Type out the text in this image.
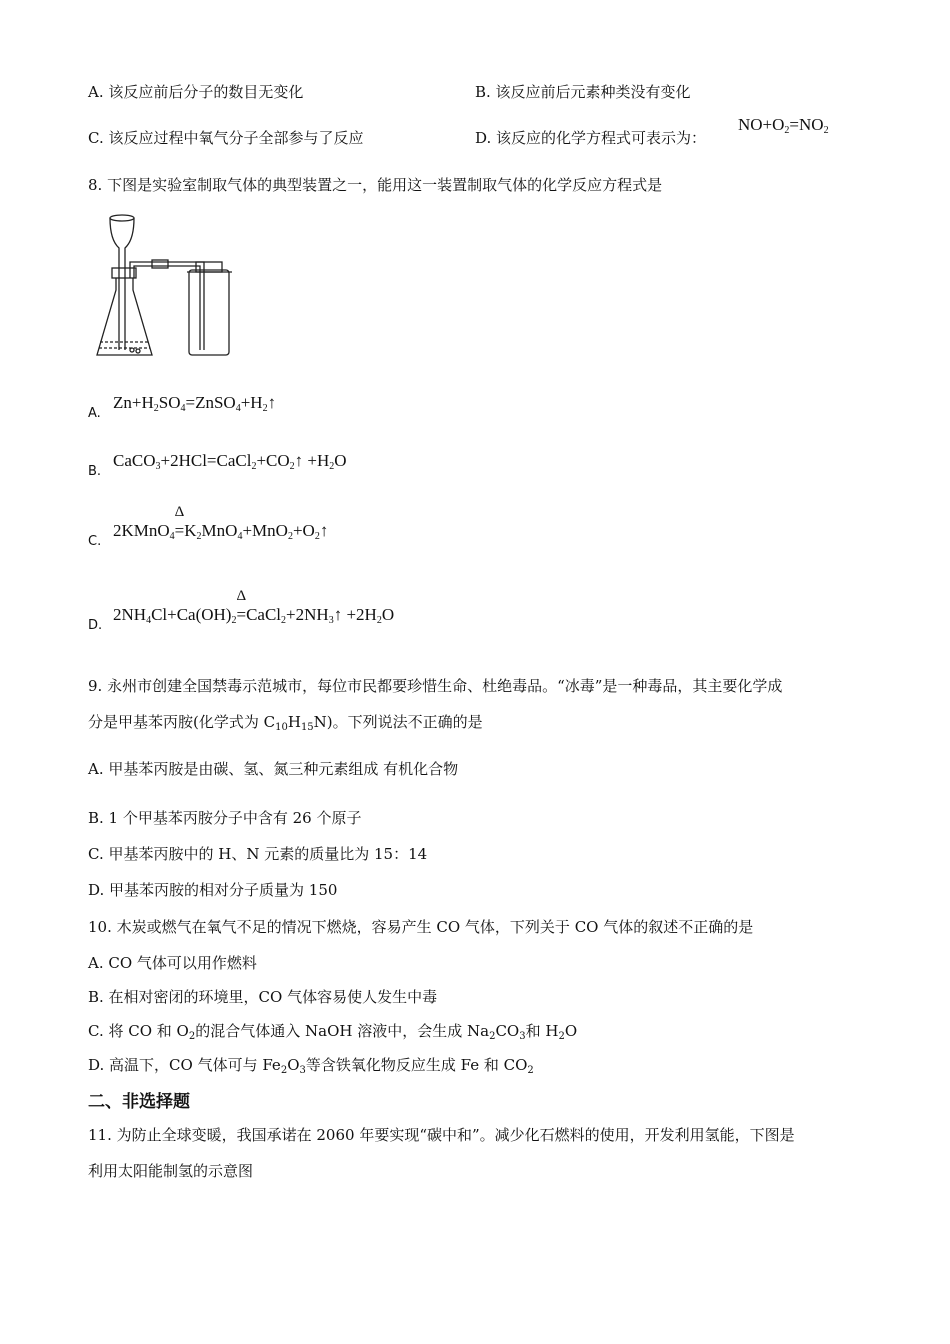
A. 该反应前后分子的数目无变化	B. 该反应前后元素种类没有变化
C. 该反应过程中氧气分子全部参与了反应	D. 该反应的化学方程式可表示为：
NO+O2=NO2
8. 下图是实验室制取气体的典型装置之一，能用这一装置制取气体的化学反应方程式是
A.
Zn+H2SO4=ZnSO4+H2↑
B.
CaCO3+2HCl=CaCl2+CO2↑ +H2O
C.
2KMnO4
Δ
=K2MnO4+MnO2+O2↑
D.
2NH4Cl+Ca(OH)2
Δ
=CaCl2+2NH3↑ +2H2O
9. 永州市创建全国禁毒示范城市，每位市民都要珍惜生命、杜绝毒品。“冰毒”是一种毒品，其主要化学成
分是甲基苯丙胺(化学式为 $C_{10}H_{15}N$)。下列说法不正确的是
A. 甲基苯丙胺是由碳、氢、氮三种元素组成 有机化合物
B. 1 个甲基苯丙胺分子中含有 26 个原子
C. 甲基苯丙胺中的 H、N 元素的质量比为 15：14
D. 甲基苯丙胺的相对分子质量为 150
10. 木炭或燃气在氧气不足的情况下燃烧，容易产生 CO 气体，下列关于 CO 气体的叙述不正确的是
A. CO 气体可以用作燃料
B. 在相对密闭的环境里，CO 气体容易使人发生中毒
C. 将 CO 和 $O_2$的混合气体通入 NaOH 溶液中，会生成 $Na_2CO_3$和 $H_2O$
D. 高温下，CO 气体可与 $Fe_2O_3$等含铁氧化物反应生成 Fe 和 $CO_2$
二、非选择题
11. 为防止全球变暖，我国承诺在 2060 年要实现“碳中和”。减少化石燃料的使用，开发利用氢能，下图是
利用太阳能制氢的示意图
